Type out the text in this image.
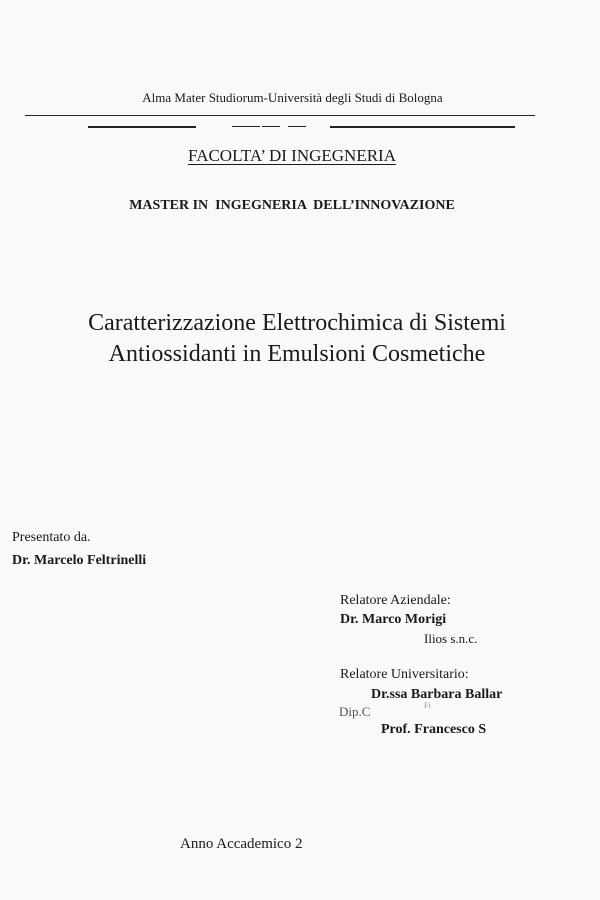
Alma Mater Studiorum-Università degli Studi di Bologna
FACOLTA’ DI INGEGNERIA
MASTER IN  INGEGNERIA  DELL’INNOVAZIONE
Caratterizzazione Elettrochimica di Sistemi
Antiossidanti in Emulsioni Cosmetiche
Presentato da.
Dr. Marcelo Feltrinelli
Relatore Aziendale:
Dr. Marco Morigi
Ilios s.n.c.
Relatore Universitario:
Dr.ssa Barbara Ballar
Dip.C	Fi
Prof. Francesco S
Anno Accademico 2
